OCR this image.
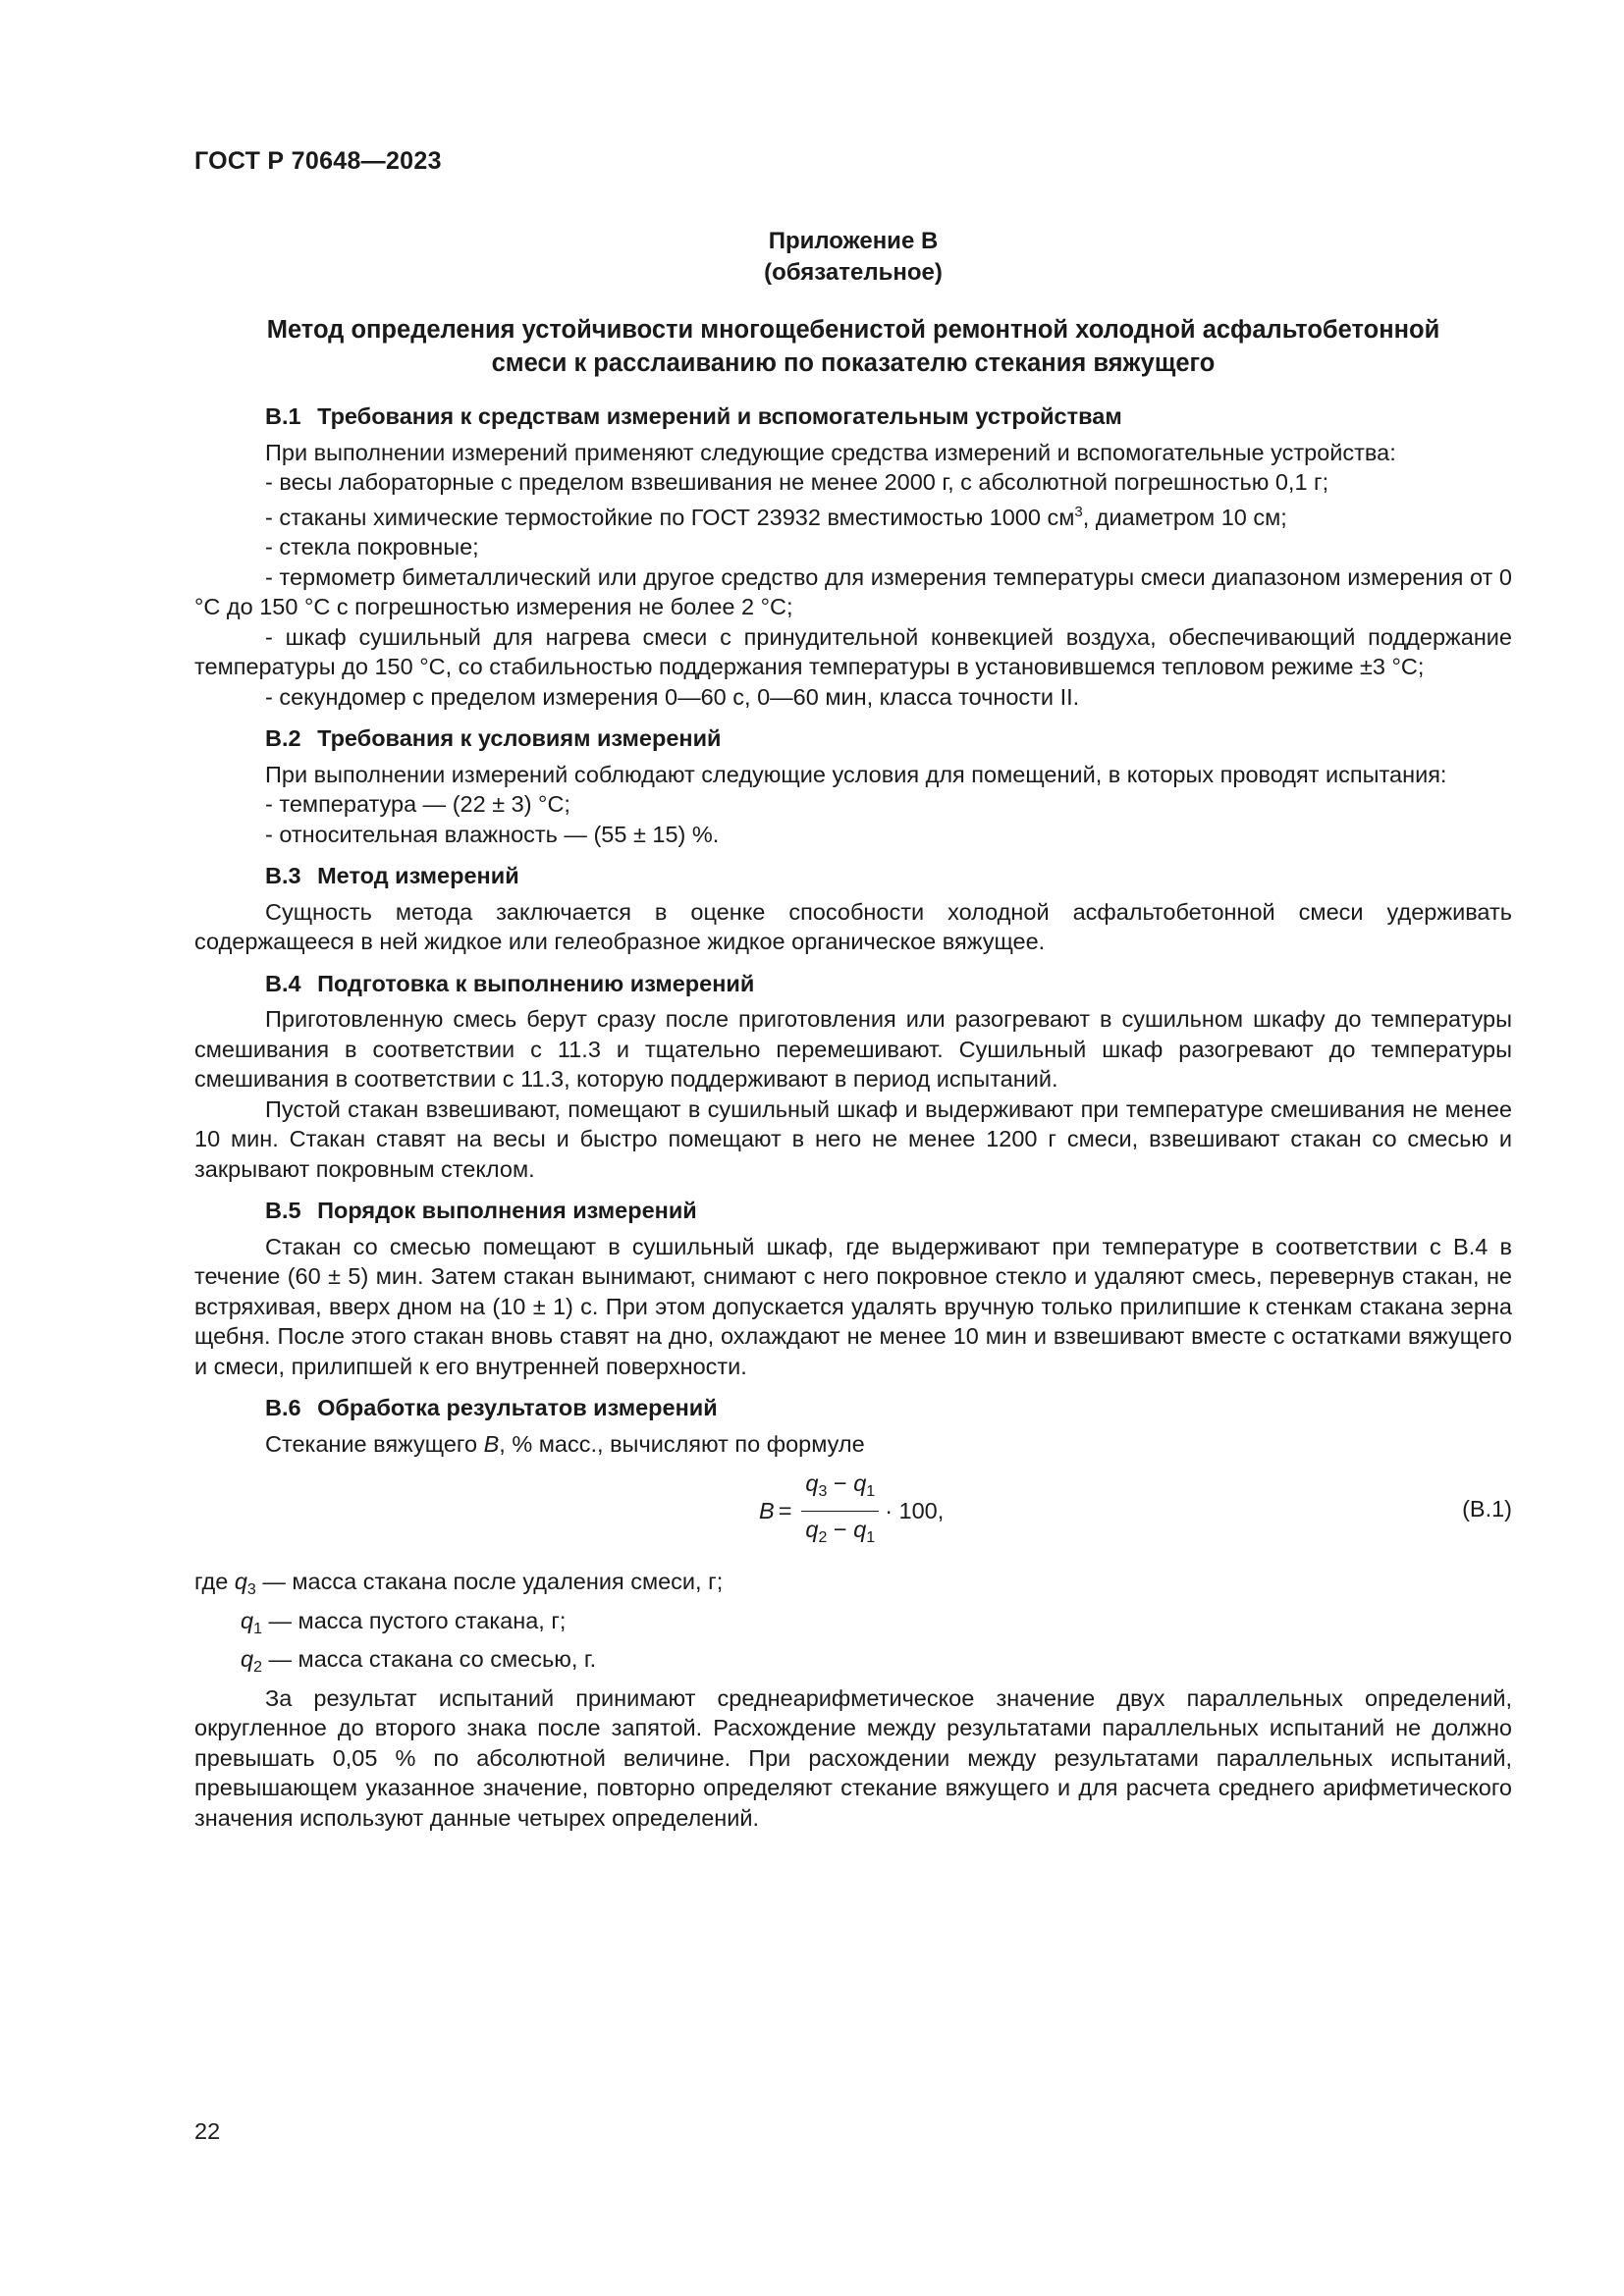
ГОСТ Р 70648—2023
Приложение В
(обязательное)
Метод определения устойчивости многощебенистой ремонтной холодной асфальтобетонной
смеси к расслаиванию по показателю стекания вяжущего
В.1 Требования к средствам измерений и вспомогательным устройствам

При выполнении измерений применяют следующие средства измерений и вспомогательные устройства:

- весы лабораторные с пределом взвешивания не менее 2000 г, с абсолютной погрешностью 0,1 г;

- стаканы химические термостойкие по ГОСТ 23932 вместимостью 1000 $см^3$, диаметром 10 см;

- стекла покровные;

- термометр биметаллический или другое средство для измерения температуры смеси диапазоном измерения от 0 °С до 150 °С с погрешностью измерения не более 2 °С;

- шкаф сушильный для нагрева смеси с принудительной конвекцией воздуха, обеспечивающий поддержание температуры до 150 °С, со стабильностью поддержания температуры в установившемся тепловом режиме ±3 °С;

- секундомер с пределом измерения 0—60 с, 0—60 мин, класса точности II.

В.2 Требования к условиям измерений

При выполнении измерений соблюдают следующие условия для помещений, в которых проводят испытания:

- температура — (22 ± 3) °С;

- относительная влажность — (55 ± 15) %.

В.3 Метод измерений

Сущность метода заключается в оценке способности холодной асфальтобетонной смеси удерживать содержащееся в ней жидкое или гелеобразное жидкое органическое вяжущее.

В.4 Подготовка к выполнению измерений

Приготовленную смесь берут сразу после приготовления или разогревают в сушильном шкафу до температуры смешивания в соответствии с 11.3 и тщательно перемешивают. Сушильный шкаф разогревают до температуры смешивания в соответствии с 11.3, которую поддерживают в период испытаний.

Пустой стакан взвешивают, помещают в сушильный шкаф и выдерживают при температуре смешивания не менее 10 мин. Стакан ставят на весы и быстро помещают в него не менее 1200 г смеси, взвешивают стакан со смесью и закрывают покровным стеклом.

В.5 Порядок выполнения измерений

Стакан со смесью помещают в сушильный шкаф, где выдерживают при температуре в соответствии с В.4 в течение (60 ± 5) мин. Затем стакан вынимают, снимают с него покровное стекло и удаляют смесь, перевернув стакан, не встряхивая, вверх дном на (10 ± 1) с. При этом допускается удалять вручную только прилипшие к стенкам стакана зерна щебня. После этого стакан вновь ставят на дно, охлаждают не менее 10 мин и взвешивают вместе с остатками вяжущего и смеси, прилипшей к его внутренней поверхности.

В.6 Обработка результатов измерений

Стекание вяжущего B, % масс., вычисляют по формуле

$B = \frac{q_3 - q_1}{q_2 - q_1} \cdot 100$,	(В.1)

где $q_3$ — масса стакана после удаления смеси, г;

$q_1$ — масса пустого стакана, г;

$q_2$ — масса стакана со смесью, г.

За результат испытаний принимают среднеарифметическое значение двух параллельных определений, округленное до второго знака после запятой. Расхождение между результатами параллельных испытаний не должно превышать 0,05 % по абсолютной величине. При расхождении между результатами параллельных испытаний, превышающем указанное значение, повторно определяют стекание вяжущего и для расчета среднего арифметического значения используют данные четырех определений.

22
